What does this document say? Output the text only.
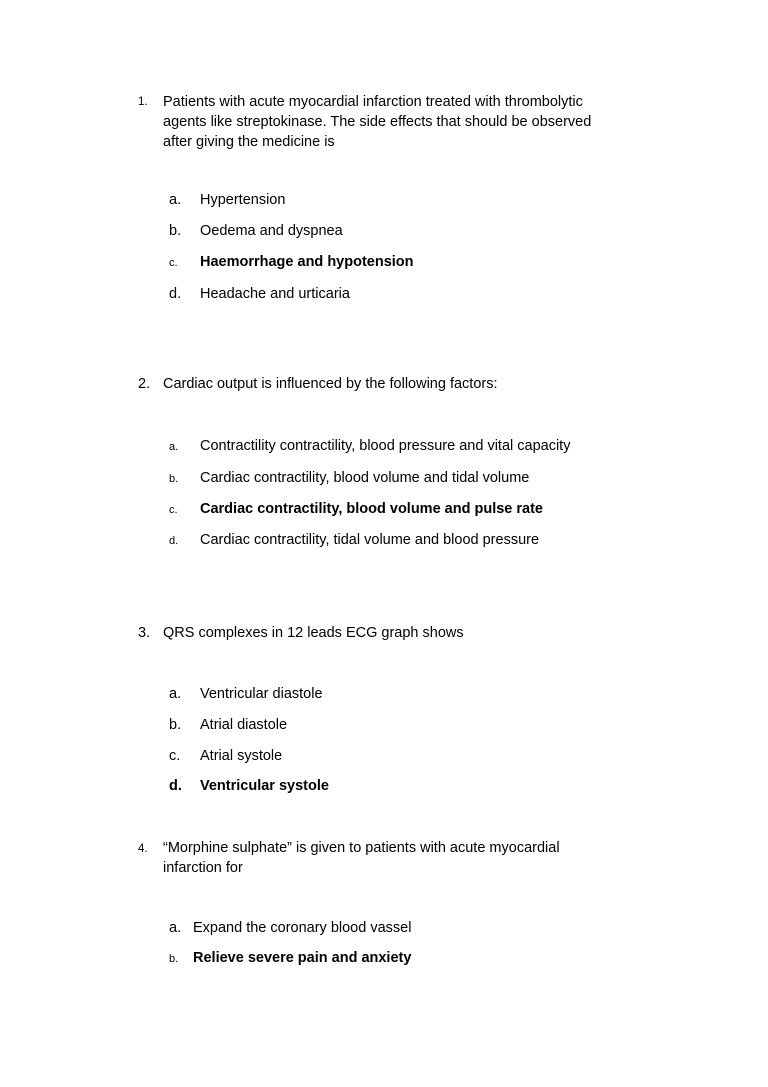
1. Patients with acute myocardial infarction treated with thrombolytic
agents like streptokinase. The side effects that should be observed
after giving the medicine is
a. Hypertension
b. Oedema and dyspnea
c. Haemorrhage and hypotension
d. Headache and urticaria
2. Cardiac output is influenced by the following factors:
a. Contractility contractility, blood pressure and vital capacity
b. Cardiac contractility, blood volume and tidal volume
c. Cardiac contractility, blood volume and pulse rate
d. Cardiac contractility, tidal volume and blood pressure
3. QRS complexes in 12 leads ECG graph shows
a. Ventricular diastole
b. Atrial diastole
c. Atrial systole
d. Ventricular systole
4. “Morphine sulphate” is given to patients with acute myocardial
infarction for
a. Expand the coronary blood vassel
b. Relieve severe pain and anxiety
